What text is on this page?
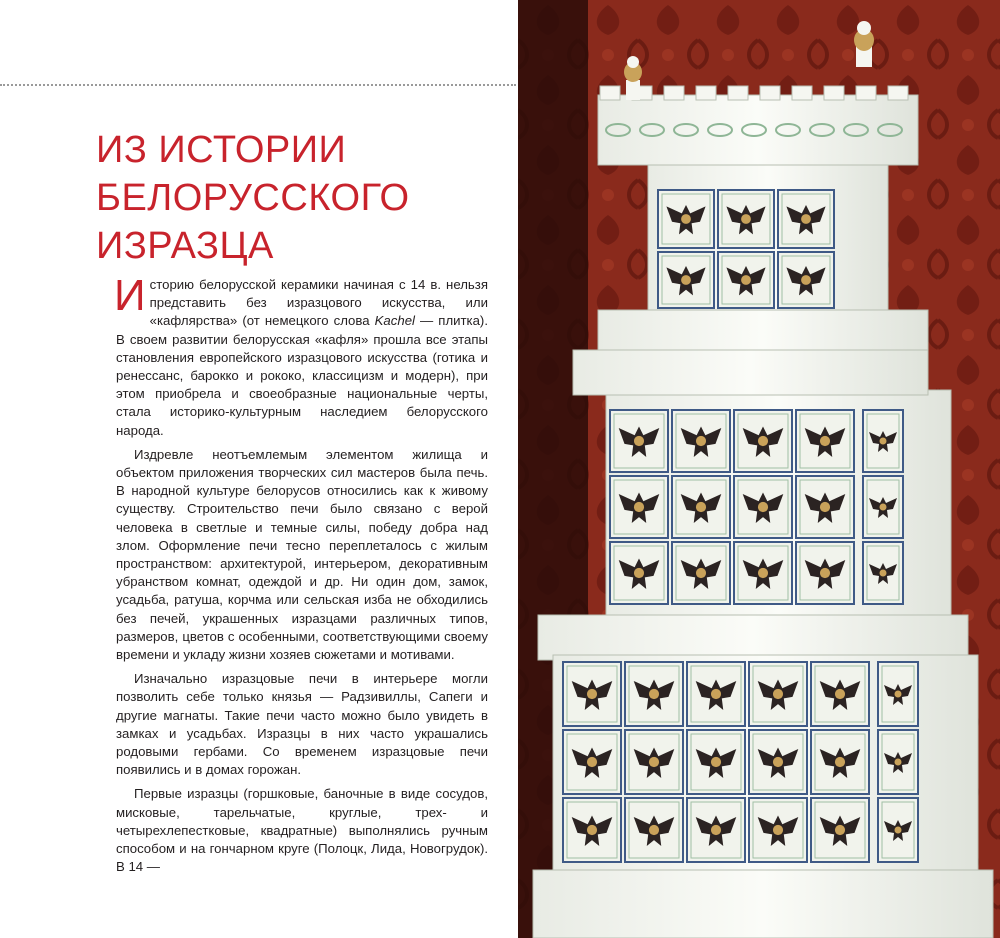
ИЗ ИСТОРИИ
БЕЛОРУССКОГО
ИЗРАЗЦА

Историю белорусской керамики начиная с 14 в. нельзя представить без изразцового искусства, или «кафлярства» (от немецкого слова Kachel — плитка). В своем развитии белорусская «кафля» прошла все этапы становления европейского изразцового искусства (готика и ренессанс, барокко и рококо, классицизм и модерн), при этом приобрела и своеобразные национальные черты, стала историко-культурным наследием белорусского народа.

Издревле неотъемлемым элементом жилища и объектом приложения творческих сил мастеров была печь. В народной культуре белорусов относились как к живому существу. Строительство печи было связано с верой человека в светлые и темные силы, победу добра над злом. Оформление печи тесно переплеталось с жилым пространством: архитектурой, интерьером, декоративным убранством комнат, одеждой и др. Ни один дом, замок, усадьба, ратуша, корчма или сельская изба не обходились без печей, украшенных изразцами различных типов, размеров, цветов с особенными, соответствующими своему времени и укладу жизни хозяев сюжетами и мотивами.

Изначально изразцовые печи в интерьере могли позволить себе только князья — Радзивиллы, Сапеги и другие магнаты. Такие печи часто можно было увидеть в замках и усадьбах. Изразцы в них часто украшались родовыми гербами. Со временем изразцовые печи появились и в домах горожан.

Первые изразцы (горшковые, баночные в виде сосудов, мисковые, тарельчатые, круглые, трех- и четырехлепестковые, квадратные) выполнялись ручным способом и на гончарном круге (Полоцк, Лида, Новогрудок). В 14 —
